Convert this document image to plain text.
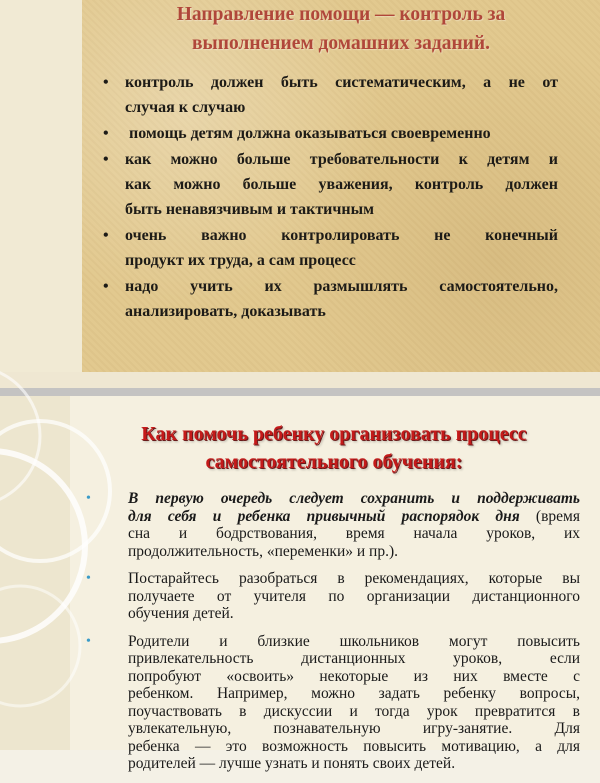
Направление помощи — контроль за
выполнением домашних заданий.
• контроль должен быть систематическим, а не от
случая к случаю
• помощь детям должна оказываться своевременно
• как можно больше требовательности к детям и
как можно больше уважения, контроль должен
быть ненавязчивым и тактичным
• очень важно контролировать не конечный
продукт их труда, а сам процесс
• надо учить их размышлять самостоятельно,
анализировать, доказывать
Как помочь ребенку организовать процесс
самостоятельного обучения:
• В первую очередь следует сохранить и поддерживать
для себя и ребенка привычный распорядок дня (время
сна и бодрствования, время начала уроков, их
продолжительность, «переменки» и пр.).
• Постарайтесь разобраться в рекомендациях, которые вы
получаете от учителя по организации дистанционного
обучения детей.
• Родители и близкие школьников могут повысить
привлекательность дистанционных уроков, если
попробуют «освоить» некоторые из них вместе с
ребенком. Например, можно задать ребенку вопросы,
поучаствовать в дискуссии и тогда урок превратится в
увлекательную, познавательную игру-занятие. Для
ребенка — это возможность повысить мотивацию, а для
родителей — лучше узнать и понять своих детей.
